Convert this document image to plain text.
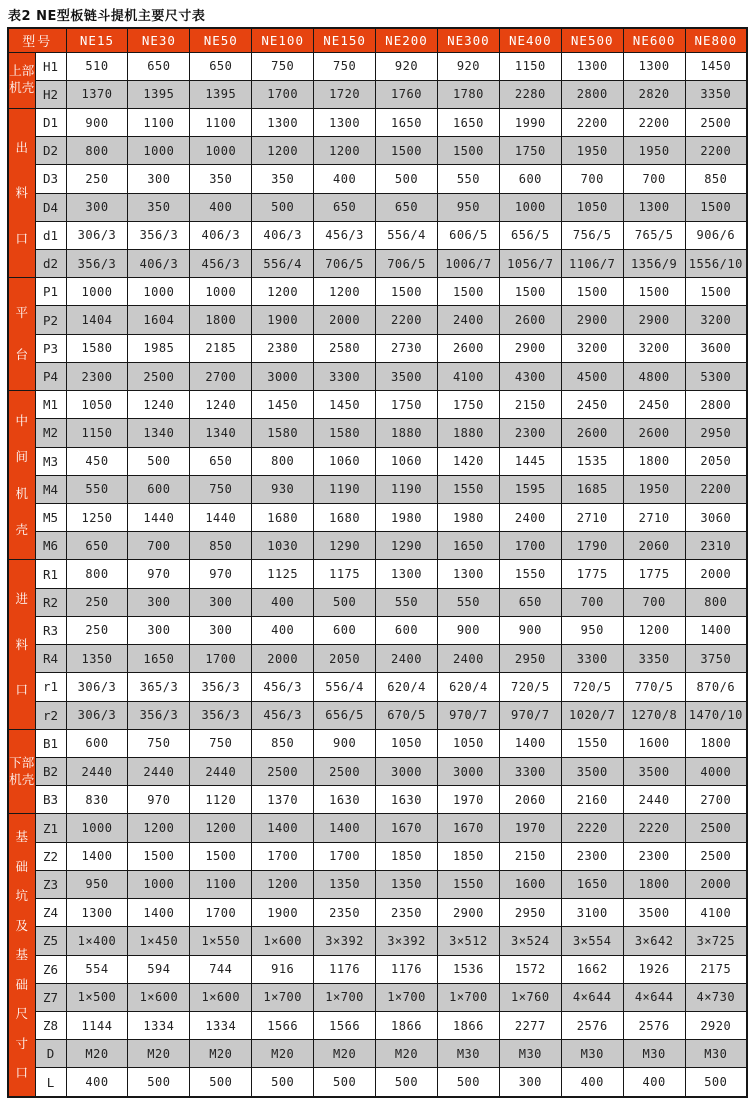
表2 NE型板链斗提机主要尺寸表
型号		NE15	NE30	NE50	NE100	NE150	NE200	NE300	NE400	NE500	NE600	NE800

上部
机壳	H1	510	650	650	750	750	920	920	1150	1300	1300	1450
	H2	1370	1395	1395	1700	1720	1760	1780	2280	2800	2820	3350

出
料
口	D1	900	1100	1100	1300	1300	1650	1650	1990	2200	2200	2500
	D2	800	1000	1000	1200	1200	1500	1500	1750	1950	1950	2200
	D3	250	300	350	350	400	500	550	600	700	700	850
	D4	300	350	400	500	650	650	950	1000	1050	1300	1500
	d1	306/3	356/3	406/3	406/3	456/3	556/4	606/5	656/5	756/5	765/5	906/6
	d2	356/3	406/3	456/3	556/4	706/5	706/5	1006/7	1056/7	1106/7	1356/9	1556/10

平
台	P1	1000	1000	1000	1200	1200	1500	1500	1500	1500	1500	1500
	P2	1404	1604	1800	1900	2000	2200	2400	2600	2900	2900	3200
	P3	1580	1985	2185	2380	2580	2730	2600	2900	3200	3200	3600
	P4	2300	2500	2700	3000	3300	3500	4100	4300	4500	4800	5300

中
间
机
壳	M1	1050	1240	1240	1450	1450	1750	1750	2150	2450	2450	2800
	M2	1150	1340	1340	1580	1580	1880	1880	2300	2600	2600	2950
	M3	450	500	650	800	1060	1060	1420	1445	1535	1800	2050
	M4	550	600	750	930	1190	1190	1550	1595	1685	1950	2200
	M5	1250	1440	1440	1680	1680	1980	1980	2400	2710	2710	3060
	M6	650	700	850	1030	1290	1290	1650	1700	1790	2060	2310

进
料
口	R1	800	970	970	1125	1175	1300	1300	1550	1775	1775	2000
	R2	250	300	300	400	500	550	550	650	700	700	800
	R3	250	300	300	400	600	600	900	900	950	1200	1400
	R4	1350	1650	1700	2000	2050	2400	2400	2950	3300	3350	3750
	r1	306/3	365/3	356/3	456/3	556/4	620/4	620/4	720/5	720/5	770/5	870/6
	r2	306/3	356/3	356/3	456/3	656/5	670/5	970/7	970/7	1020/7	1270/8	1470/10

下部
机壳	B1	600	750	750	850	900	1050	1050	1400	1550	1600	1800
	B2	2440	2440	2440	2500	2500	3000	3000	3300	3500	3500	4000
	B3	830	970	1120	1370	1630	1630	1970	2060	2160	2440	2700

基
础
坑
及
基
础
尺
寸
口
	Z1	1000	1200	1200	1400	1400	1670	1670	1970	2220	2220	2500
	Z2	1400	1500	1500	1700	1700	1850	1850	2150	2300	2300	2500
	Z3	950	1000	1100	1200	1350	1350	1550	1600	1650	1800	2000
	Z4	1300	1400	1700	1900	2350	2350	2900	2950	3100	3500	4100
	Z5	1×400	1×450	1×550	1×600	3×392	3×392	3×512	3×524	3×554	3×642	3×725
	Z6	554	594	744	916	1176	1176	1536	1572	1662	1926	2175
	Z7	1×500	1×600	1×600	1×700	1×700	1×700	1×700	1×760	4×644	4×644	4×730
	Z8	1144	1334	1334	1566	1566	1866	1866	2277	2576	2576	2920
	D	M20	M20	M20	M20	M20	M20	M30	M30	M30	M30	M30
	L	400	500	500	500	500	500	500	300	400	400	500
